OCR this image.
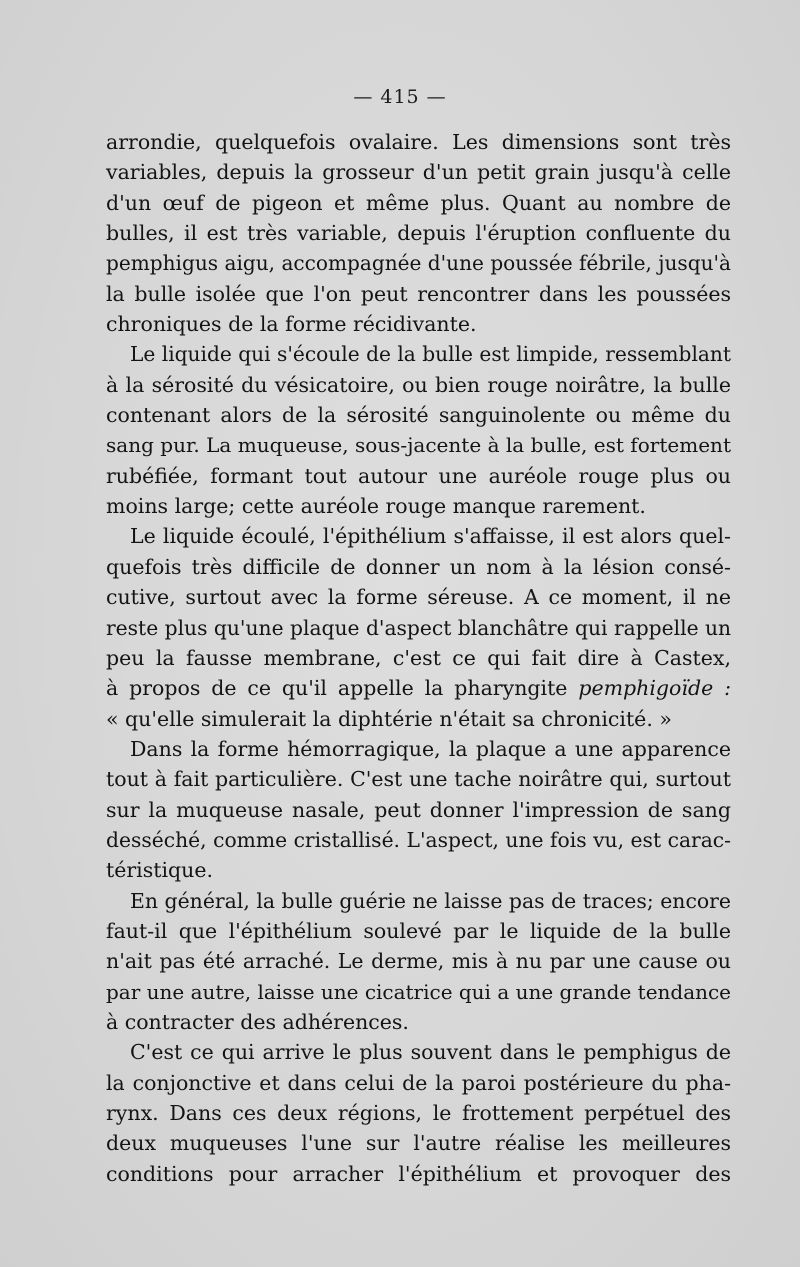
— 415 —

arrondie, quelquefois ovalaire. Les dimensions sont très
variables, depuis la grosseur d'un petit grain jusqu'à celle
d'un œuf de pigeon et même plus. Quant au nombre de
bulles, il est très variable, depuis l'éruption confluente du
pemphigus aigu, accompagnée d'une poussée fébrile, jusqu'à
la bulle isolée que l'on peut rencontrer dans les poussées
chroniques de la forme récidivante.

Le liquide qui s'écoule de la bulle est limpide, ressemblant
à la sérosité du vésicatoire, ou bien rouge noirâtre, la bulle
contenant alors de la sérosité sanguinolente ou même du
sang pur. La muqueuse, sous-jacente à la bulle, est fortement
rubéfiée, formant tout autour une auréole rouge plus ou
moins large; cette auréole rouge manque rarement.

Le liquide écoulé, l'épithélium s'affaisse, il est alors quel-
quefois très difficile de donner un nom à la lésion consé-
cutive, surtout avec la forme séreuse. A ce moment, il ne
reste plus qu'une plaque d'aspect blanchâtre qui rappelle un
peu la fausse membrane, c'est ce qui fait dire à Castex,
à propos de ce qu'il appelle la pharyngite pemphigoïde :
« qu'elle simulerait la diphtérie n'était sa chronicité. »

Dans la forme hémorragique, la plaque a une apparence
tout à fait particulière. C'est une tache noirâtre qui, surtout
sur la muqueuse nasale, peut donner l'impression de sang
desséché, comme cristallisé. L'aspect, une fois vu, est carac-
téristique.

En général, la bulle guérie ne laisse pas de traces; encore
faut-il que l'épithélium soulevé par le liquide de la bulle
n'ait pas été arraché. Le derme, mis à nu par une cause ou
par une autre, laisse une cicatrice qui a une grande tendance
à contracter des adhérences.

C'est ce qui arrive le plus souvent dans le pemphigus de
la conjonctive et dans celui de la paroi postérieure du pha-
rynx. Dans ces deux régions, le frottement perpétuel des
deux muqueuses l'une sur l'autre réalise les meilleures
conditions pour arracher l'épithélium et provoquer des
